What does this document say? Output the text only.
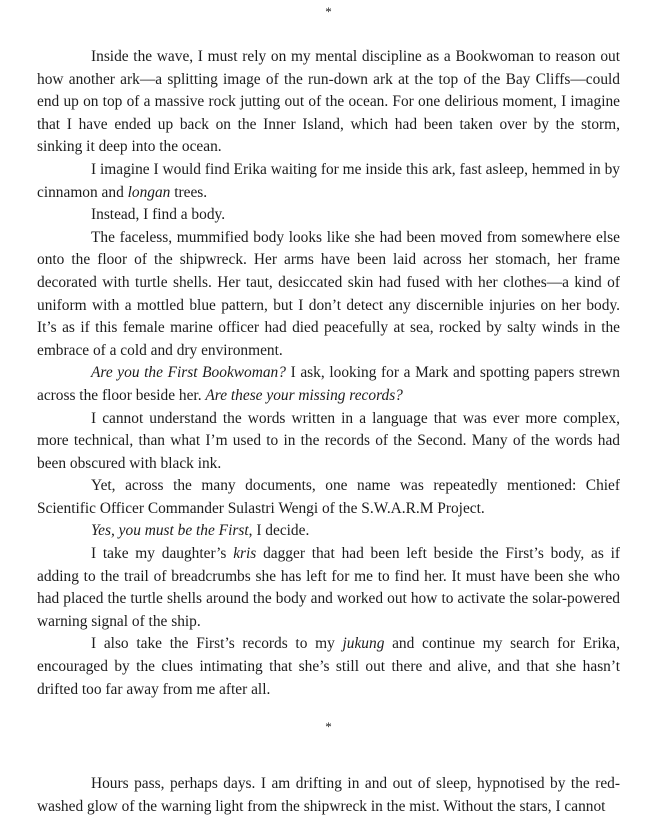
*

Inside the wave, I must rely on my mental discipline as a Bookwoman to reason out how another ark—a splitting image of the run-down ark at the top of the Bay Cliffs—could end up on top of a massive rock jutting out of the ocean. For one delirious moment, I imagine that I have ended up back on the Inner Island, which had been taken over by the storm, sinking it deep into the ocean.

I imagine I would find Erika waiting for me inside this ark, fast asleep, hemmed in by cinnamon and longan trees.

Instead, I find a body.

The faceless, mummified body looks like she had been moved from somewhere else onto the floor of the shipwreck. Her arms have been laid across her stomach, her frame decorated with turtle shells. Her taut, desiccated skin had fused with her clothes—a kind of uniform with a mottled blue pattern, but I don’t detect any discernible injuries on her body. It’s as if this female marine officer had died peacefully at sea, rocked by salty winds in the embrace of a cold and dry environment.

Are you the First Bookwoman? I ask, looking for a Mark and spotting papers strewn across the floor beside her. Are these your missing records?

I cannot understand the words written in a language that was ever more complex, more technical, than what I’m used to in the records of the Second. Many of the words had been obscured with black ink.

Yet, across the many documents, one name was repeatedly mentioned: Chief Scientific Officer Commander Sulastri Wengi of the S.W.A.R.M Project.

Yes, you must be the First, I decide.

I take my daughter’s kris dagger that had been left beside the First’s body, as if adding to the trail of breadcrumbs she has left for me to find her. It must have been she who had placed the turtle shells around the body and worked out how to activate the solar-powered warning signal of the ship.

I also take the First’s records to my jukung and continue my search for Erika, encouraged by the clues intimating that she’s still out there and alive, and that she hasn’t drifted too far away from me after all.

*

Hours pass, perhaps days. I am drifting in and out of sleep, hypnotised by the red-washed glow of the warning light from the shipwreck in the mist. Without the stars, I cannot
